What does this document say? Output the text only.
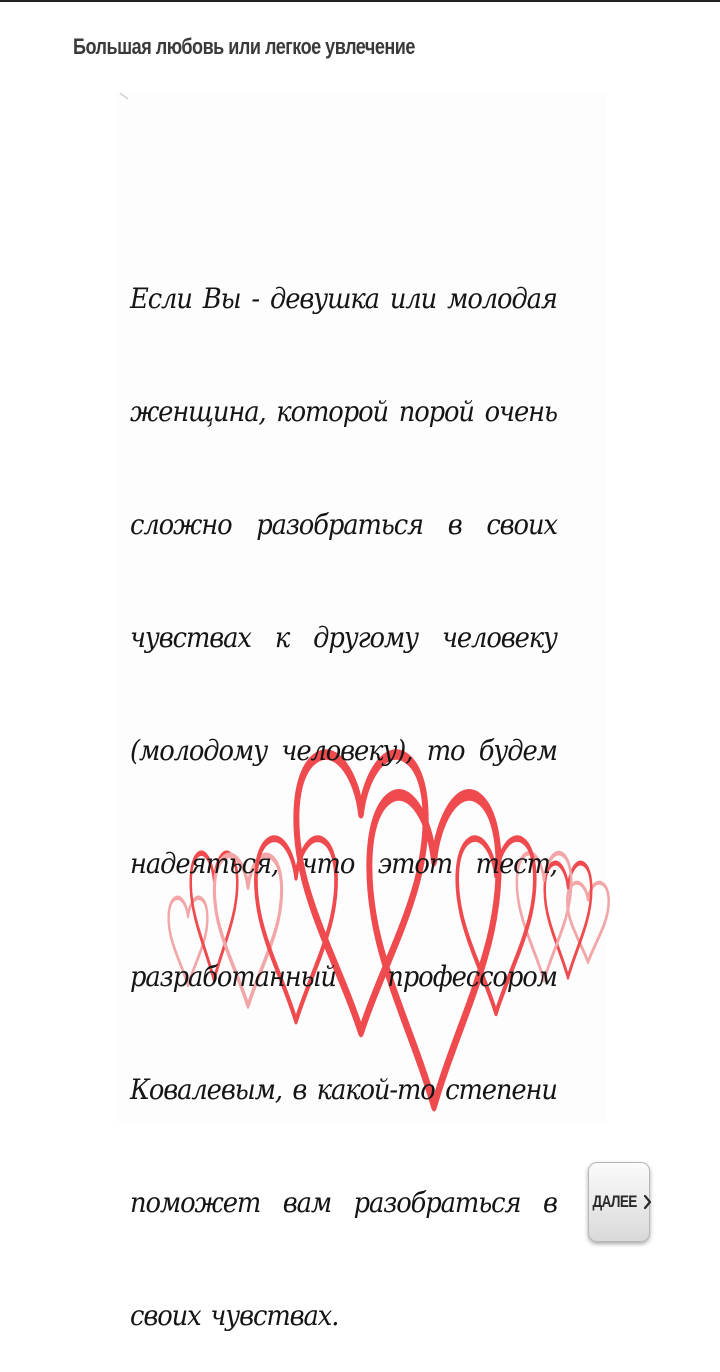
Большая любовь или легкое увлечение

Если Вы - девушка или молодая женщина, которой порой очень сложно разобраться в своих чувствах к другому человеку (молодому человеку), то будем надеяться, что этот тест, разработанный профессором Ковалевым, в какой-то степени поможет вам разобраться в своих чувствах.

ДАЛЕЕ
